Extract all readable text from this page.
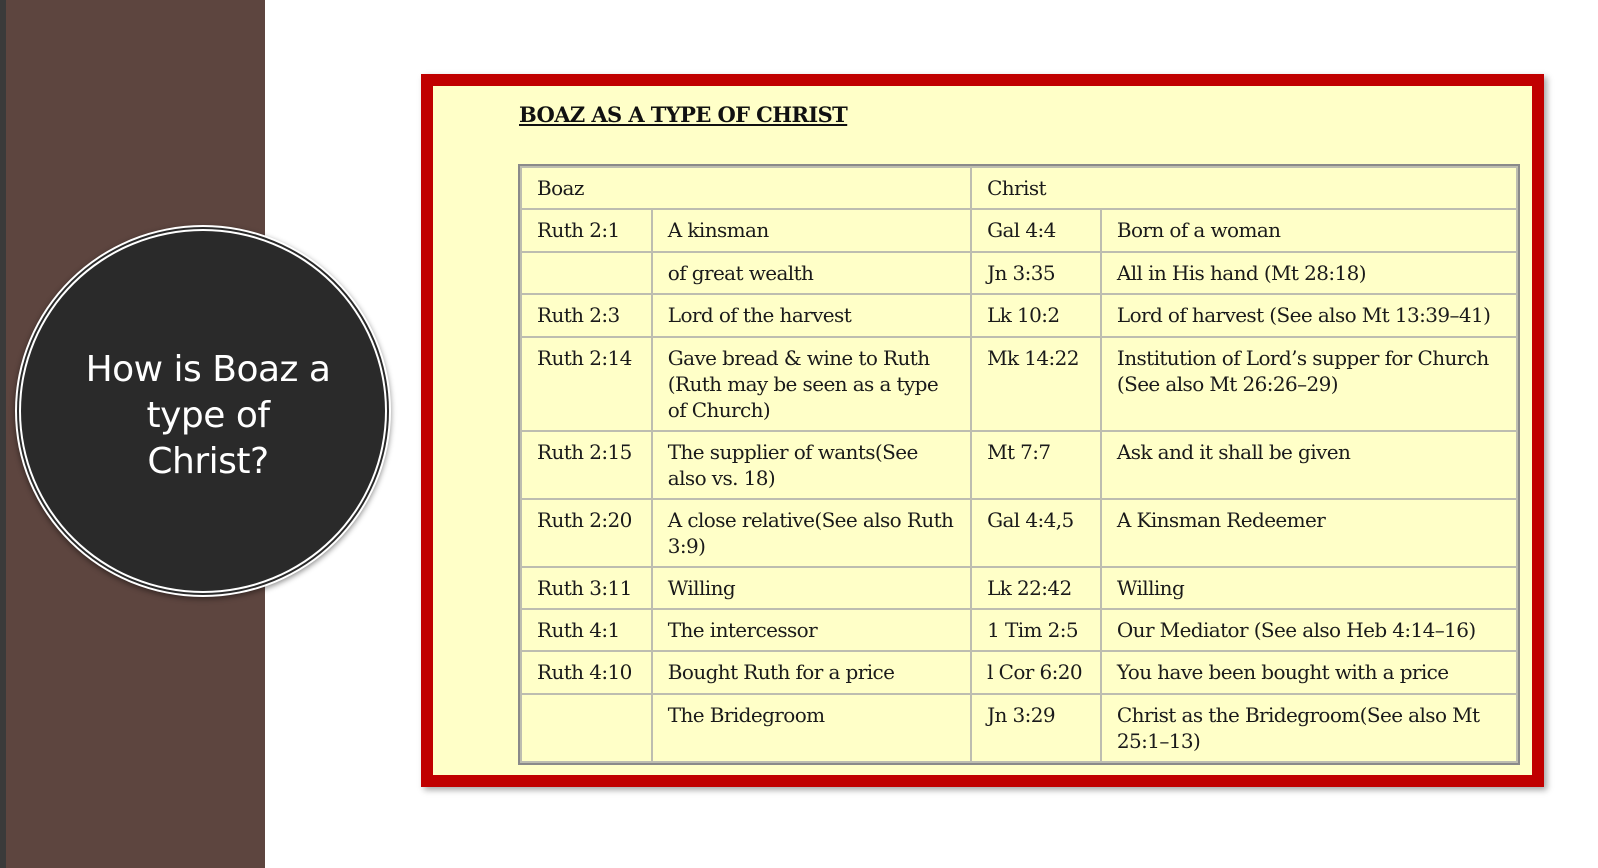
How is Boaz a type of Christ?
BOAZ AS A TYPE OF CHRIST
Boaz		Christ	
Ruth 2:1	A kinsman	Gal 4:4	Born of a woman
	of great wealth	Jn 3:35	All in His hand (Mt 28:18)
Ruth 2:3	Lord of the harvest	Lk 10:2	Lord of harvest (See also Mt 13:39–41)
Ruth 2:14	Gave bread & wine to Ruth (Ruth may be seen as a type of Church)	Mk 14:22	Institution of Lord’s supper for Church (See also Mt 26:26–29)
Ruth 2:15	The supplier of wants(See also vs. 18)	Mt 7:7	Ask and it shall be given
Ruth 2:20	A close relative(See also Ruth 3:9)	Gal 4:4,5	A Kinsman Redeemer
Ruth 3:11	Willing	Lk 22:42	Willing
Ruth 4:1	The intercessor	1 Tim 2:5	Our Mediator (See also Heb 4:14–16)
Ruth 4:10	Bought Ruth for a price	l Cor 6:20	You have been bought with a price
	The Bridegroom	Jn 3:29	Christ as the Bridegroom(See also Mt 25:1–13)
